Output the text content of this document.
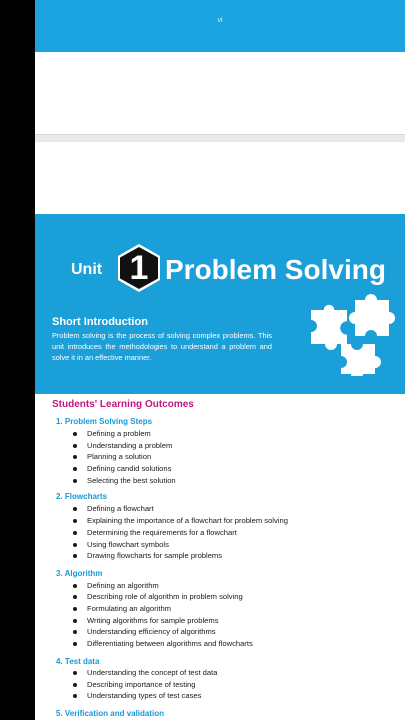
vi
Unit 1 Problem Solving
Short Introduction
Problem solving is the process of solving complex problems. This unit introduces the methodologies to understand a problem and solve it in an effective manner.
Students' Learning Outcomes
1. Problem Solving Steps
Defining a problem
Understanding a problem
Planning a solution
Defining candid solutions
Selecting the best solution
2. Flowcharts
Defining a flowchart
Explaining the importance of a flowchart for problem solving
Determining the requirements for a flowchart
Using flowchart symbols
Drawing flowcharts for sample problems
3. Algorithm
Defining an algorithm
Describing role of algorithm in problem solving
Formulating an algorithm
Writing algorithms for sample problems
Understanding efficiency of algorithms
Differentiating between algorithms and flowcharts
4. Test data
Understanding the concept of test data
Describing importance of testing
Understanding types of test cases
5. Verification and validation
